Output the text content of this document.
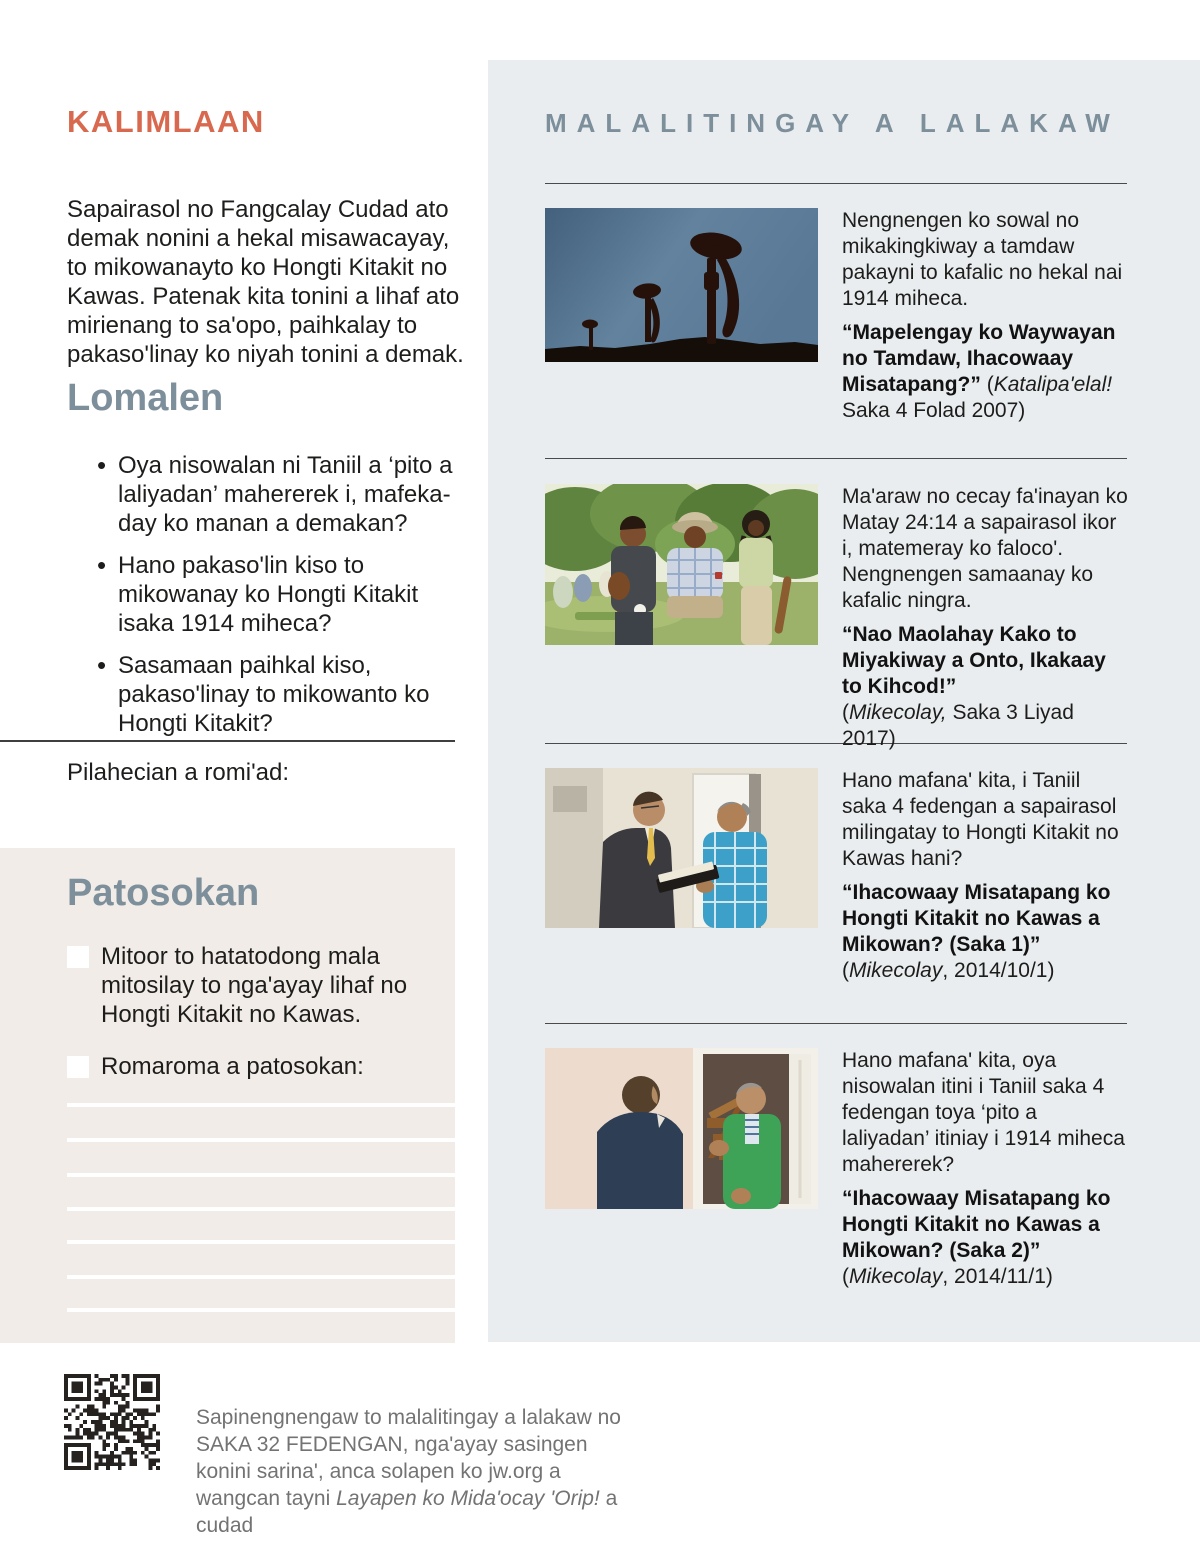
KALIMLAAN

Sapairasol no Fangcalay Cudad ato demak nonini a hekal misawacayay, to mikowanayto ko Hongti Kitakit no Kawas. Patenak kita tonini a lihaf ato mirienang to sa'opo, paihkalay to pakaso'linay ko niyah tonini a demak.

Lomalen
• Oya nisowalan ni Taniil a ‘pito a laliyadan’ mahererek i, mafekaday ko manan a demakan?
• Hano pakaso'lin kiso to mikowanay ko Hongti Kitakit isaka 1914 miheca?
• Sasamaan paihkal kiso, pakaso'linay to mikowanto ko Hongti Kitakit?
Pilahecian a romi'ad:
Patosokan

Mitoor to hatatodong mala mitosilay to nga'ayay lihaf no Hongti Kitakit no Kawas.

Romaroma a patosokan:

Sapinengnengaw to malalitingay a lalakaw no SAKA 32 FEDENGAN, nga'ayay sasingen konini sarina', anca solapen ko jw.org a wangcan tayni Layapen ko Mida'ocay 'Orip! a cudad

MALALITINGAY A LALAKAW

Nengnengen ko sowal no mikakingkiway a tamdaw pakayni to kafalic no hekal nai 1914 miheca.

“Mapelengay ko Waywayan no Tamdaw, Ihacowaay Misatapang?” (Katalipa'elal! Saka 4 Folad 2007)

Ma'araw no cecay fa'inayan ko Matay 24:14 a sapairasol ikor i, matemeray ko faloco'. Nengnengen samaanay ko kafalic ningra.

“Nao Maolahay Kako to Miyakiway a Onto, Ikakaay to Kihcod!”
(Mikecolay, Saka 3 Liyad 2017)

Hano mafana' kita, i Taniil saka 4 fedengan a sapairasol milingatay to Hongti Kitakit no Kawas hani?

“Ihacowaay Misatapang ko Hongti Kitakit no Kawas a Mikowan? (Saka 1)”
(Mikecolay, 2014/10/1)

Hano mafana' kita, oya nisowalan itini i Taniil saka 4 fedengan toya ‘pito a laliyadan’ itiniay i 1914 miheca mahererek?

“Ihacowaay Misatapang ko Hongti Kitakit no Kawas a Mikowan? (Saka 2)”
(Mikecolay, 2014/11/1)
